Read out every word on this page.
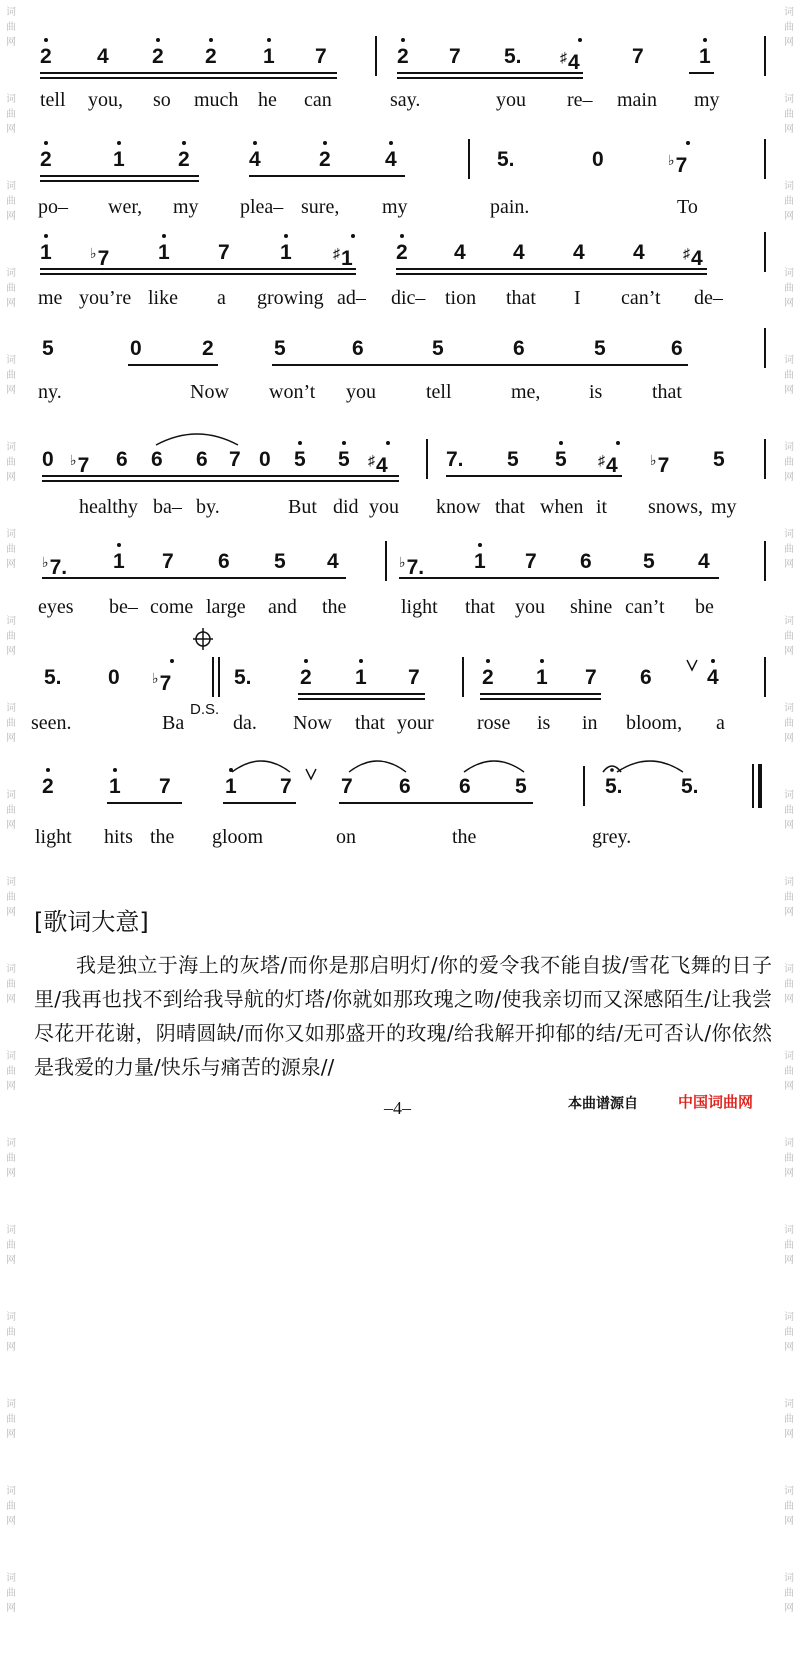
词
曲
网
词
曲
网
词
曲
网
词
曲
网
词
曲
网
词
曲
网
词
曲
网
词
曲
网
词
曲
网
词
曲
网
词
曲
网
词
曲
网
词
曲
网
词
曲
网
词
曲
网
词
曲
网
词
曲
网
词
曲
网
词
曲
网
词
曲
网
词
曲
网
词
曲
网
词
曲
网
词
曲
网
词
曲
网
词
曲
网
词
曲
网
词
曲
网
词
曲
网
词
曲
网
词
曲
网
词
曲
网
词
曲
网
词
曲
网
词
曲
网
词
曲
网
词
曲
网
词
曲
网
2 4 2 2 1 7	2 7 5.	♯4 7	1
tell you, so much he can	say.	you re– main my
2	1	2	4	2	4	5.	0	♭7
po– wer, my plea– sure, my	pain.	To
1	♭7 1 7 1	♯1 2 4 4 4 4	♯4
me you’re like a growing ad– dic– tion that I can’t de–
5	0	2	5	6	5	6	5	6
ny.	Now won’t you	tell	me, is that
0 ♭7 6 6 6 7 0 5 5 ♯4	7. 5 5 ♯4 ♭7 5
healthy ba– by.	But did you know that when it snows, my
♭7. 1 7 6 5 4	♭7. 1 7 6 5 4
eyes be– come large and the	light that you shine can’t be
5. 0 ♭7	5. 2 1 7	2 1 7 6	4
D.S.
seen.	Ba da. Now that your rose is in bloom, a
2	1 7	1 7 7 6 6 5	5.	5.
light hits the gloom	on	the	grey.
[歌词大意]
我是独立于海上的灰塔/而你是那启明灯/你的爱令我不能自拔/雪花飞舞的日子里/我再也找不到给我导航的灯塔/你就如那玫瑰之吻/使我亲切而又深感陌生/让我尝尽花开花谢，阴晴圆缺/而你又如那盛开的玫瑰/给我解开抑郁的结/无可否认/你依然是我爱的力量/快乐与痛苦的源泉//
–4–	本曲谱源自	中国词曲网
